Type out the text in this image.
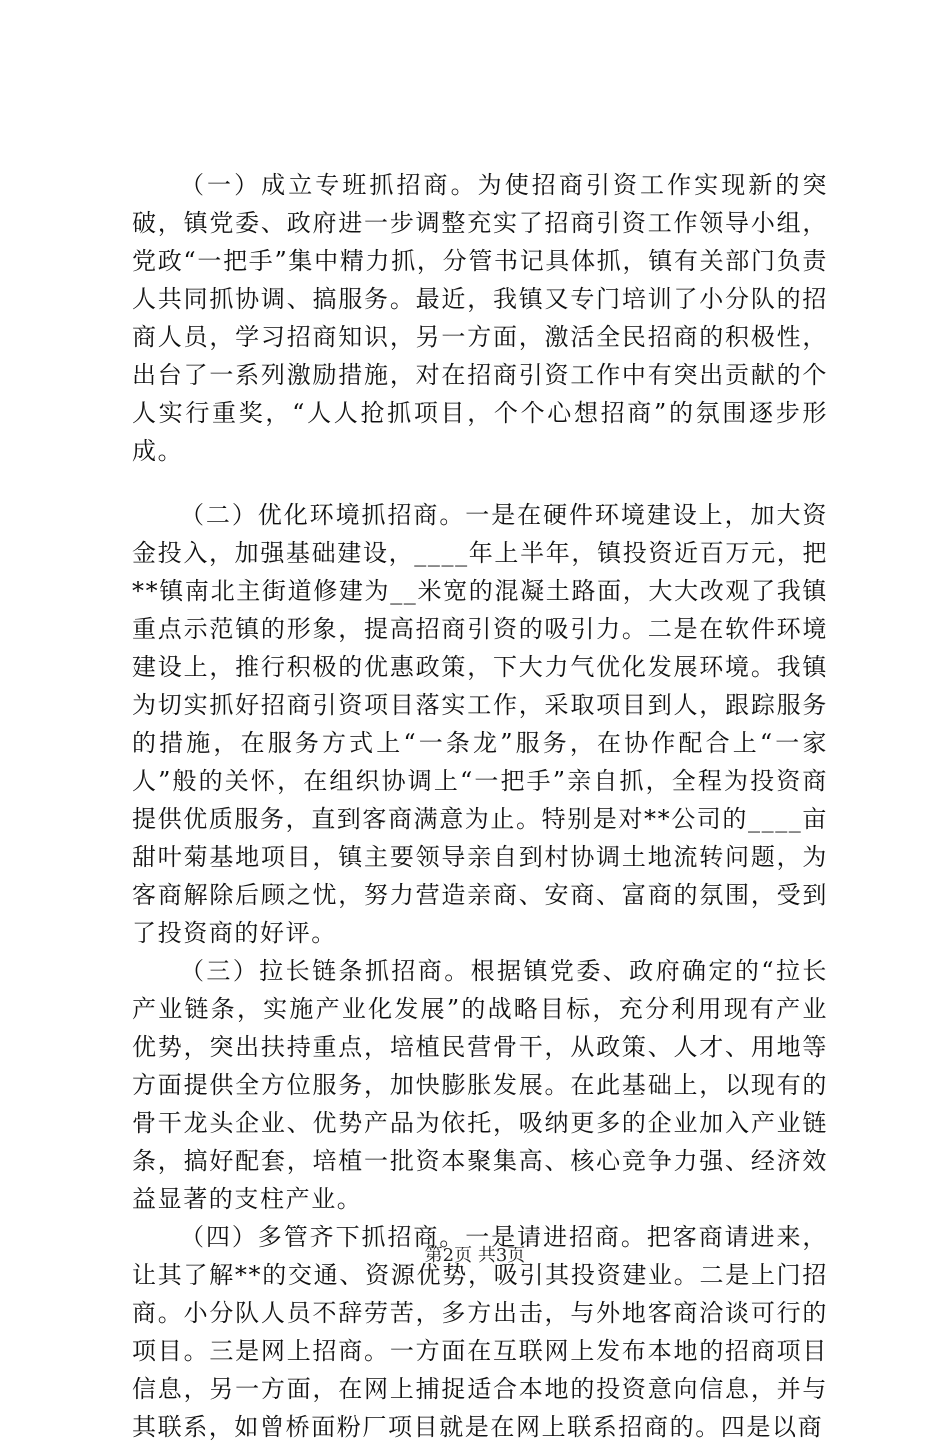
（一）成立专班抓招商。为使招商引资工作实现新的突破，镇党委、政府进一步调整充实了招商引资工作领导小组，党政“一把手”集中精力抓，分管书记具体抓，镇有关部门负责人共同抓协调、搞服务。最近，我镇又专门培训了小分队的招商人员，学习招商知识，另一方面，激活全民招商的积极性，出台了一系列激励措施，对在招商引资工作中有突出贡献的个人实行重奖，“人人抢抓项目，个个心想招商”的氛围逐步形成。

（二）优化环境抓招商。一是在硬件环境建设上，加大资金投入，加强基础建设，____年上半年，镇投资近百万元，把**镇南北主街道修建为__米宽的混凝土路面，大大改观了我镇重点示范镇的形象，提高招商引资的吸引力。二是在软件环境建设上，推行积极的优惠政策，下大力气优化发展环境。我镇为切实抓好招商引资项目落实工作，采取项目到人，跟踪服务的措施，在服务方式上“一条龙”服务，在协作配合上“一家人”般的关怀，在组织协调上“一把手”亲自抓，全程为投资商提供优质服务，直到客商满意为止。特别是对**公司的____亩甜叶菊基地项目，镇主要领导亲自到村协调土地流转问题，为客商解除后顾之忧，努力营造亲商、安商、富商的氛围，受到了投资商的好评。

（三）拉长链条抓招商。根据镇党委、政府确定的“拉长产业链条，实施产业化发展”的战略目标，充分利用现有产业优势，突出扶持重点，培植民营骨干，从政策、人才、用地等方面提供全方位服务，加快膨胀发展。在此基础上，以现有的骨干龙头企业、优势产品为依托，吸纳更多的企业加入产业链条，搞好配套，培植一批资本聚集高、核心竞争力强、经济效益显著的支柱产业。

（四）多管齐下抓招商。一是请进招商。把客商请进来，让其了解**的交通、资源优势，吸引其投资建业。二是上门招商。小分队人员不辞劳苦，多方出击，与外地客商洽谈可行的项目。三是网上招商。一方面在互联网上发布本地的招商项目信息，另一方面，在网上捕捉适合本地的投资意向信息，并与其联系，如曾桥面粉厂项目就是在网上联系招商的。四是以商

第2页 共3页
